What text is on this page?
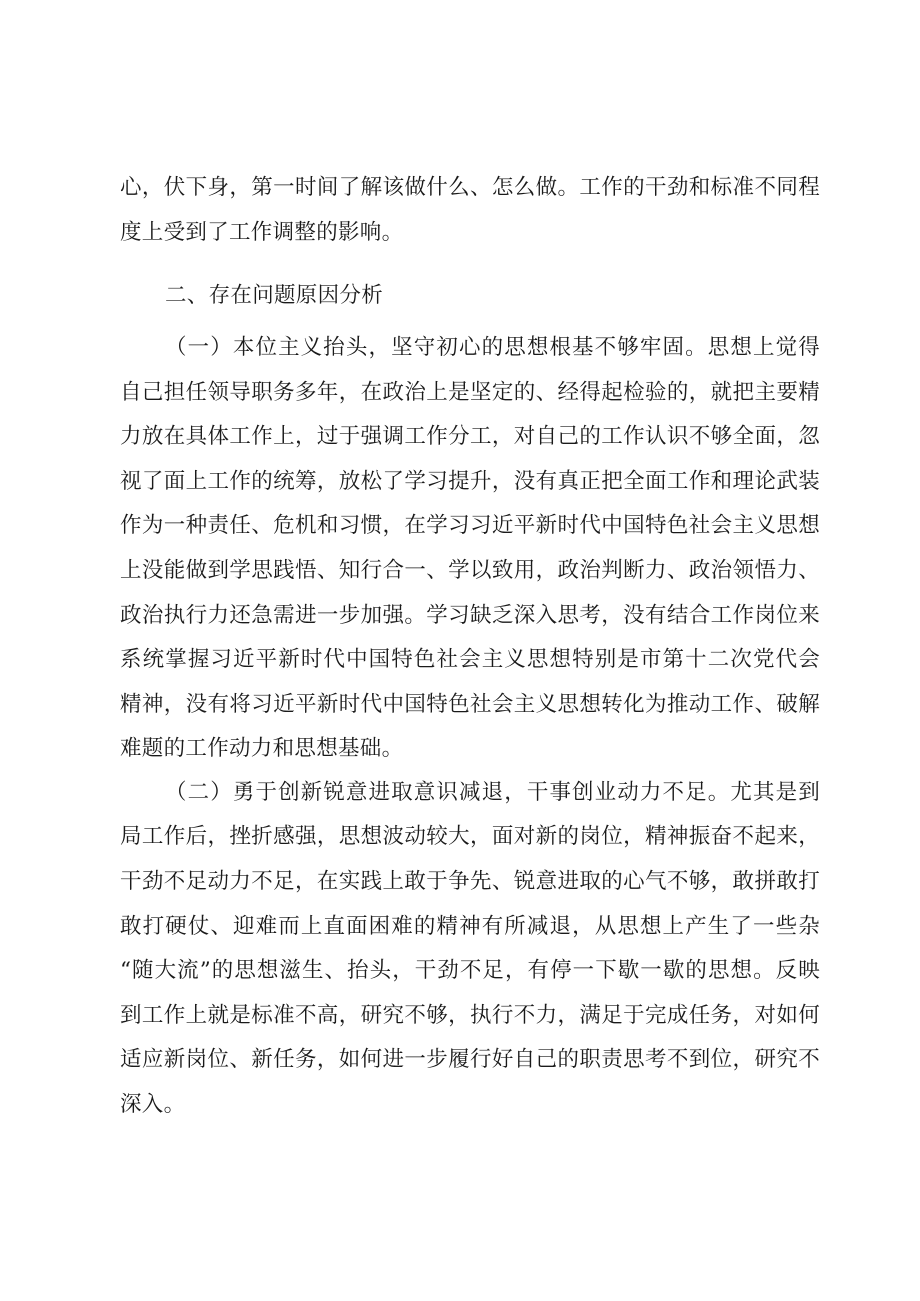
心，伏下身，第一时间了解该做什么、怎么做。工作的干劲和标准不同程
度上受到了工作调整的影响。
二、存在问题原因分析
（一）本位主义抬头，坚守初心的思想根基不够牢固。思想上觉得
自己担任领导职务多年，在政治上是坚定的、经得起检验的，就把主要精
力放在具体工作上，过于强调工作分工，对自己的工作认识不够全面，忽
视了面上工作的统筹，放松了学习提升，没有真正把全面工作和理论武装
作为一种责任、危机和习惯，在学习习近平新时代中国特色社会主义思想
上没能做到学思践悟、知行合一、学以致用，政治判断力、政治领悟力、
政治执行力还急需进一步加强。学习缺乏深入思考，没有结合工作岗位来
系统掌握习近平新时代中国特色社会主义思想特别是市第十二次党代会
精神，没有将习近平新时代中国特色社会主义思想转化为推动工作、破解
难题的工作动力和思想基础。
（二）勇于创新锐意进取意识减退，干事创业动力不足。尤其是到
局工作后，挫折感强，思想波动较大，面对新的岗位，精神振奋不起来，
干劲不足动力不足，在实践上敢于争先、锐意进取的心气不够，敢拼敢打
敢打硬仗、迎难而上直面困难的精神有所减退，从思想上产生了一些杂
“随大流”的思想滋生、抬头，干劲不足，有停一下歇一歇的思想。反映
到工作上就是标准不高，研究不够，执行不力，满足于完成任务，对如何
适应新岗位、新任务，如何进一步履行好自己的职责思考不到位，研究不
深入。
